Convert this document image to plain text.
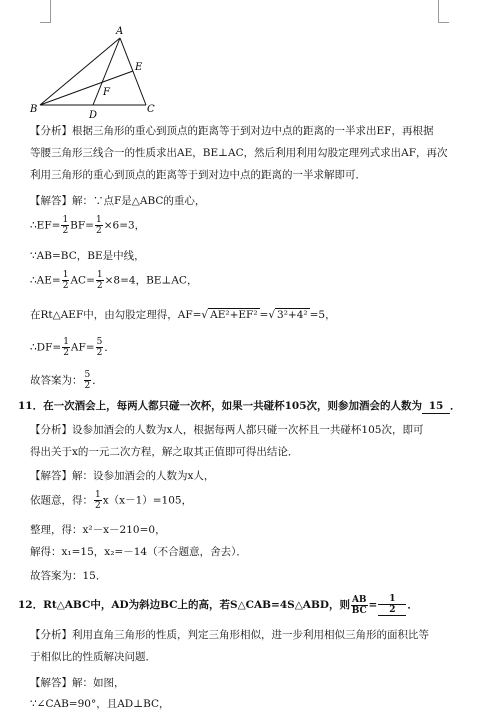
A
B	C
D
E
F
【分析】根据三角形的重心到顶点的距离等于到对边中点的距离的一半求出EF，再根据
等腰三角形三线合一的性质求出AE，BE⊥AC，然后利用利用勾股定理列式求出AF，再次
利用三角形的重心到顶点的距离等于到对边中点的距离的一半求解即可．
【解答】解：∵点F是△ABC的重心，
∴EF= $\frac{1}{2} BF= \frac{1}{2} \times 6=3$，
∵AB=BC，BE是中线，
∴AE= $\frac{1}{2} AC= \frac{1}{2} \times 8=4$，BE⊥AC，
在Rt△AEF中，由勾股定理得，AF=√ AE²+EF² =√ 3²+4² =5，
∴DF= $\frac{1}{2} AF= \frac{5}{2}$ ．
故答案为： $\frac{5}{2}$ ．
11．在一次酒会上，每两人都只碰一次杯，如果一共碰杯105次，则参加酒会的人数为 15 ．
【分析】设参加酒会的人数为x人，根据每两人都只碰一次杯且一共碰杯105次，即可
得出关于x的一元二次方程，解之取其正值即可得出结论．
【解答】解：设参加酒会的人数为x人，
依题意，得： $\frac{1}{2} x(x-1)=105$，
整理，得：x²－x－210=0，
解得：x₁=15，x₂=－14（不合题意，舍去）．
故答案为：15．
12．Rt△ABC中，AD为斜边BC上的高，若S△CAB=4S△ABD，则 $\frac{AB}{BC} = \frac{1}{2}$ ．
【分析】利用直角三角形的性质，判定三角形相似，进一步利用相似三角形的面积比等
于相似比的性质解决问题．
【解答】解：如图，
∵∠CAB=90°，且AD⊥BC，
